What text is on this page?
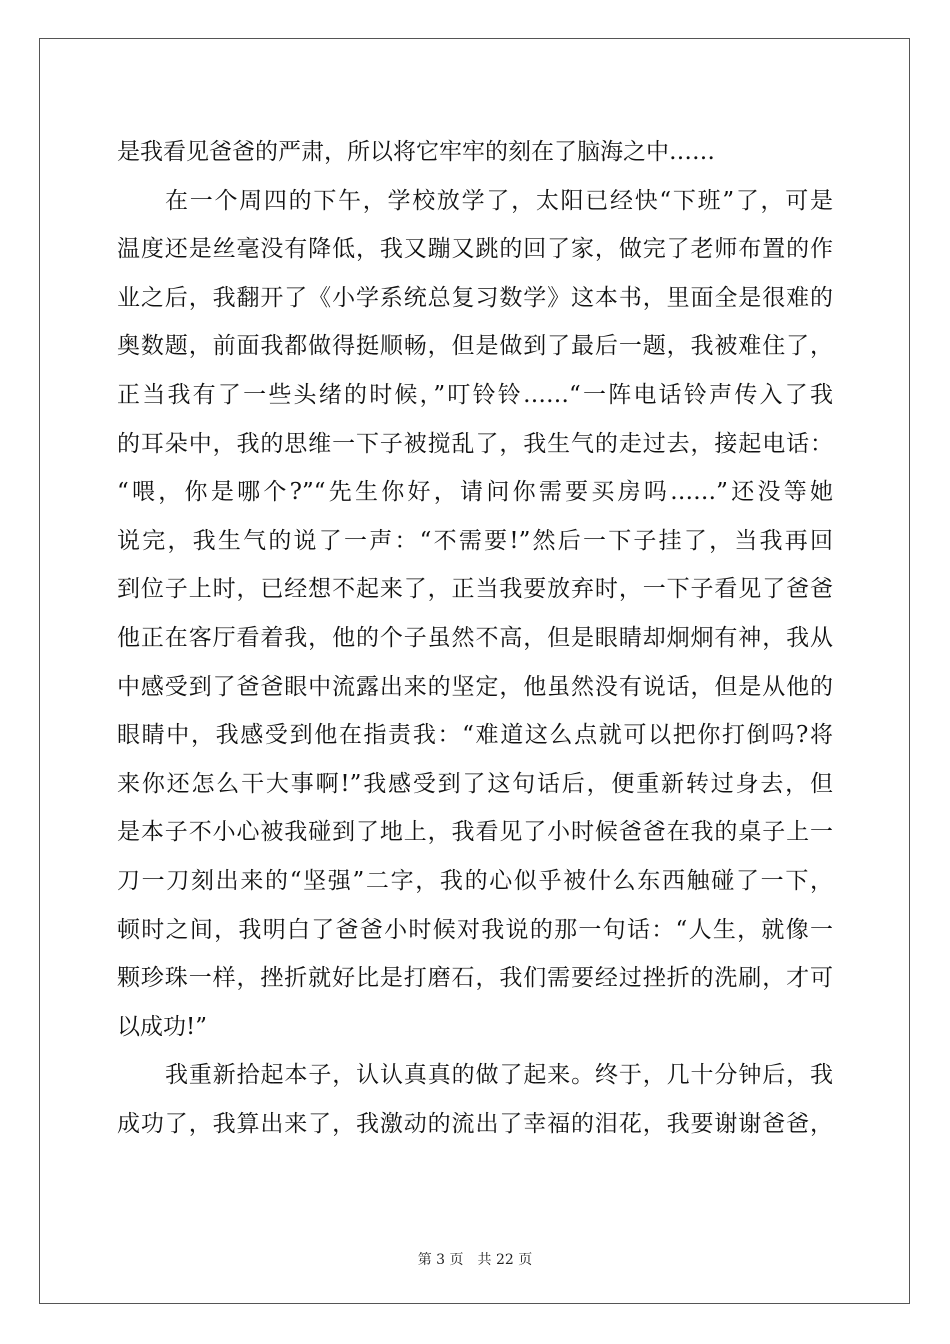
是我看见爸爸的严肃，所以将它牢牢的刻在了脑海之中……
在一个周四的下午，学校放学了，太阳已经快“下班”了，可是
温度还是丝毫没有降低，我又蹦又跳的回了家，做完了老师布置的作
业之后，我翻开了《小学系统总复习数学》这本书，里面全是很难的
奥数题，前面我都做得挺顺畅，但是做到了最后一题，我被难住了，
正当我有了一些头绪的时候，”叮铃铃……“一阵电话铃声传入了我
的耳朵中，我的思维一下子被搅乱了，我生气的走过去，接起电话：
“喂，你是哪个?”“先生你好，请问你需要买房吗……”还没等她
说完，我生气的说了一声：“不需要!”然后一下子挂了，当我再回
到位子上时，已经想不起来了，正当我要放弃时，一下子看见了爸爸
他正在客厅看着我，他的个子虽然不高，但是眼睛却炯炯有神，我从
中感受到了爸爸眼中流露出来的坚定，他虽然没有说话，但是从他的
眼睛中，我感受到他在指责我：“难道这么点就可以把你打倒吗?将
来你还怎么干大事啊!”我感受到了这句话后，便重新转过身去，但
是本子不小心被我碰到了地上，我看见了小时候爸爸在我的桌子上一
刀一刀刻出来的“坚强”二字，我的心似乎被什么东西触碰了一下，
顿时之间，我明白了爸爸小时候对我说的那一句话：“人生，就像一
颗珍珠一样，挫折就好比是打磨石，我们需要经过挫折的洗刷，才可
以成功!”
我重新拾起本子，认认真真的做了起来。终于，几十分钟后，我
成功了，我算出来了，我激动的流出了幸福的泪花，我要谢谢爸爸，
第 3 页 共 22 页
